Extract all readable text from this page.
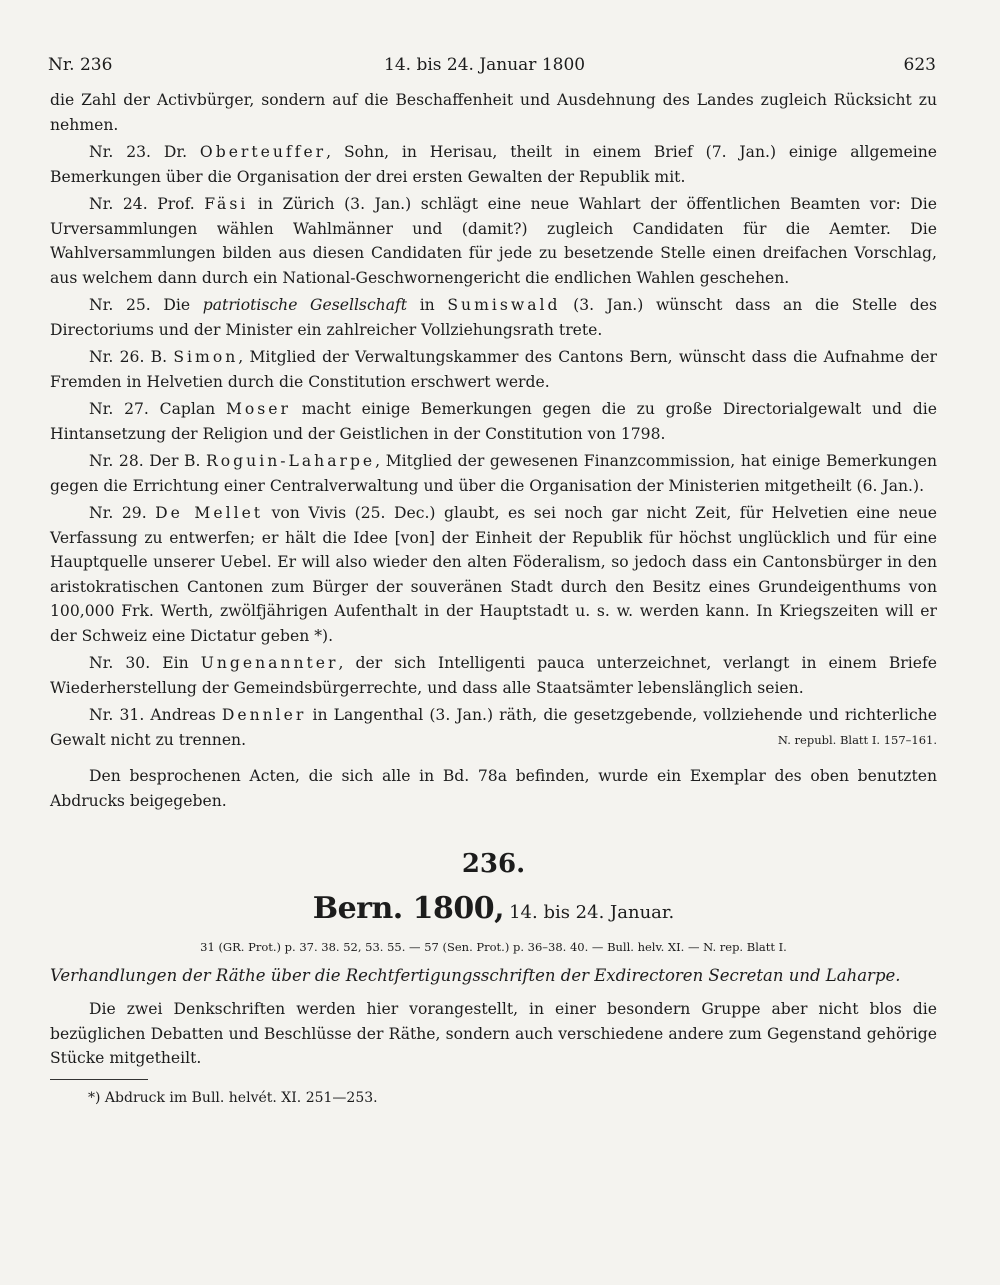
Nr. 236	14. bis 24. Januar 1800	623

die Zahl der Activbürger, sondern auf die Beschaffenheit und Ausdehnung des Landes zugleich Rücksicht zu nehmen.

Nr. 23. Dr. Oberteuffer, Sohn, in Herisau, theilt in einem Brief (7. Jan.) einige allgemeine Bemerkungen über die Organisation der drei ersten Gewalten der Republik mit.

Nr. 24. Prof. Fäsi in Zürich (3. Jan.) schlägt eine neue Wahlart der öffentlichen Beamten vor: Die Urversammlungen wählen Wahlmänner und (damit?) zugleich Candidaten für die Aemter. Die Wahlversammlungen bilden aus diesen Candidaten für jede zu besetzende Stelle einen dreifachen Vorschlag, aus welchem dann durch ein National-Geschwornengericht die endlichen Wahlen geschehen.

Nr. 25. Die patriotische Gesellschaft in Sumiswald (3. Jan.) wünscht dass an die Stelle des Directoriums und der Minister ein zahlreicher Vollziehungsrath trete.

Nr. 26. B. Simon, Mitglied der Verwaltungskammer des Cantons Bern, wünscht dass die Aufnahme der Fremden in Helvetien durch die Constitution erschwert werde.

Nr. 27. Caplan Moser macht einige Bemerkungen gegen die zu große Directorialgewalt und die Hintansetzung der Religion und der Geistlichen in der Constitution von 1798.

Nr. 28. Der B. Roguin-Laharpe, Mitglied der gewesenen Finanzcommission, hat einige Bemerkungen gegen die Errichtung einer Centralverwaltung und über die Organisation der Ministerien mitgetheilt (6. Jan.).

Nr. 29. De Mellet von Vivis (25. Dec.) glaubt, es sei noch gar nicht Zeit, für Helvetien eine neue Verfassung zu entwerfen; er hält die Idee [von] der Einheit der Republik für höchst unglücklich und für eine Hauptquelle unserer Uebel. Er will also wieder den alten Föderalism, so jedoch dass ein Cantonsbürger in den aristokratischen Cantonen zum Bürger der souveränen Stadt durch den Besitz eines Grundeigenthums von 100,000 Frk. Werth, zwölfjährigen Aufenthalt in der Hauptstadt u. s. w. werden kann. In Kriegszeiten will er der Schweiz eine Dictatur geben *).

Nr. 30. Ein Ungenannter, der sich Intelligenti pauca unterzeichnet, verlangt in einem Briefe Wiederherstellung der Gemeindsbürgerrechte, und dass alle Staatsämter lebenslänglich seien.

Nr. 31. Andreas Dennler in Langenthal (3. Jan.) räth, die gesetzgebende, vollziehende und richterliche Gewalt nicht zu trennen.	N. republ. Blatt I. 157–161.

Den besprochenen Acten, die sich alle in Bd. 78a befinden, wurde ein Exemplar des oben benutzten Abdrucks beigegeben.

236.
Bern. 1800, 14. bis 24. Januar.
31 (GR. Prot.) p. 37. 38. 52, 53. 55. — 57 (Sen. Prot.) p. 36–38. 40. — Bull. helv. XI. — N. rep. Blatt I.

Verhandlungen der Räthe über die Rechtfertigungsschriften der Exdirectoren Secretan und Laharpe.

Die zwei Denkschriften werden hier vorangestellt, in einer besondern Gruppe aber nicht blos die bezüglichen Debatten und Beschlüsse der Räthe, sondern auch verschiedene andere zum Gegenstand gehörige Stücke mitgetheilt.

*) Abdruck im Bull. helvét. XI. 251—253.
